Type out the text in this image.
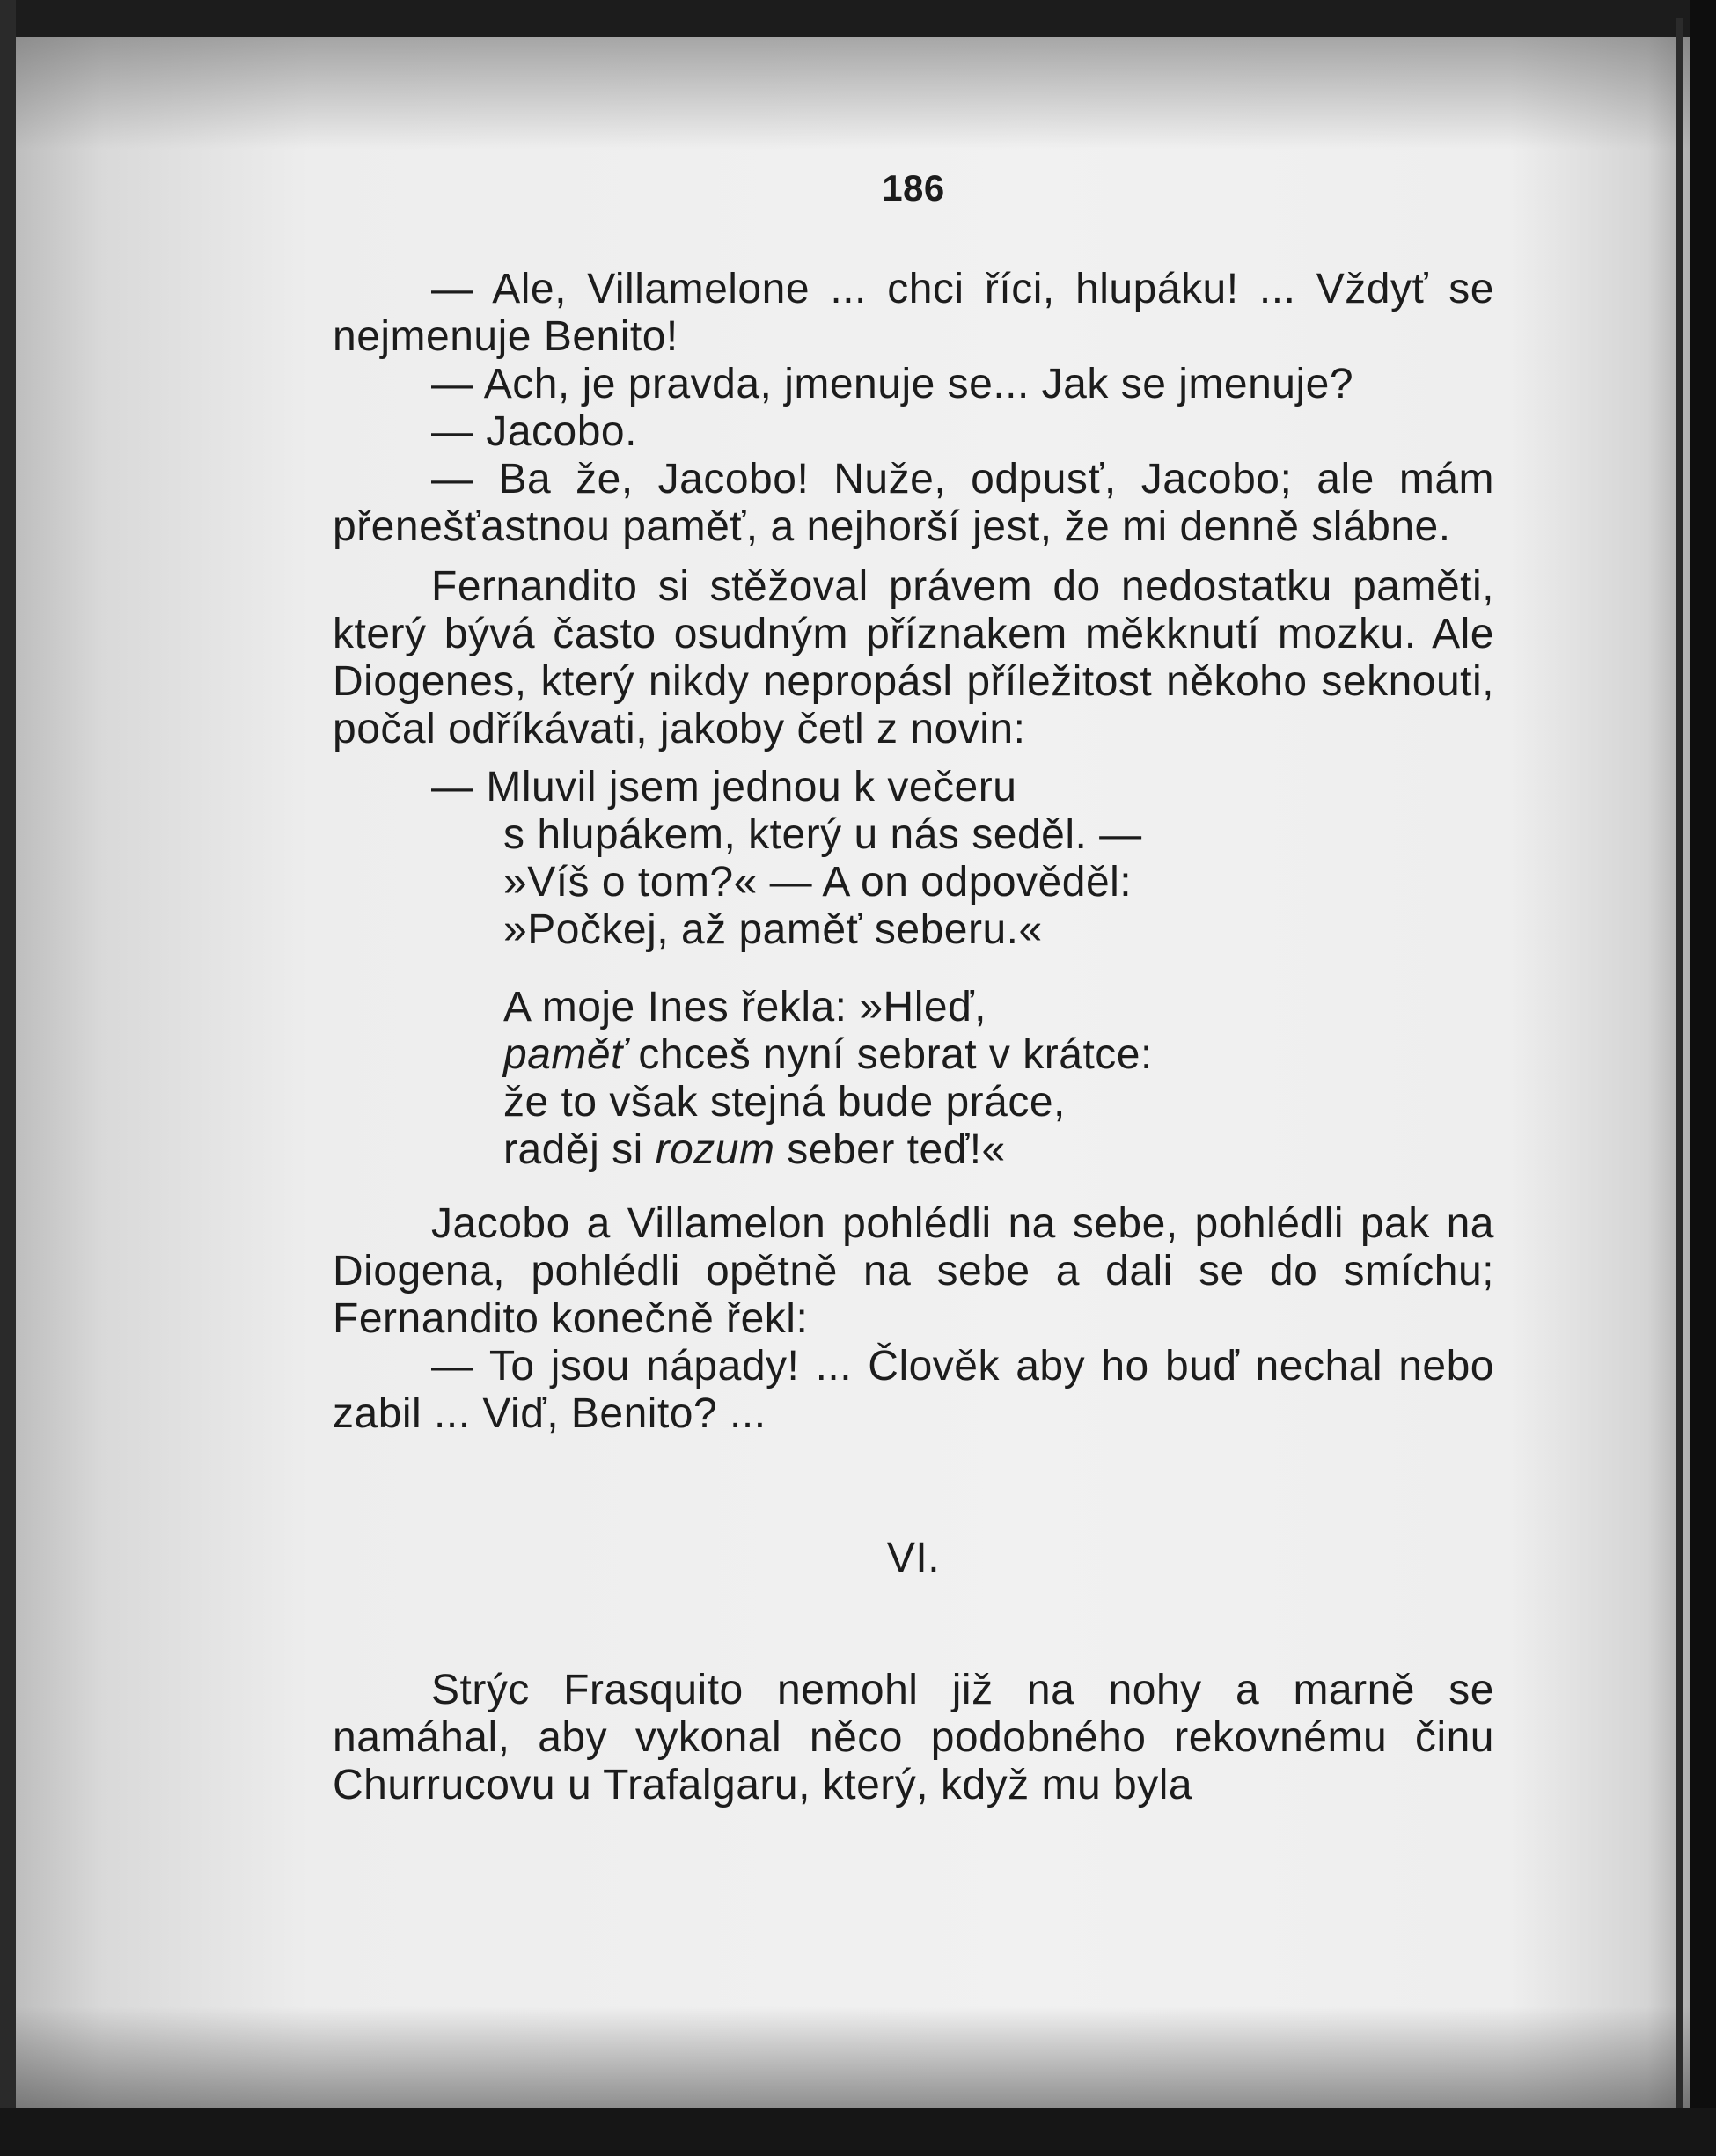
186

— Ale, Villamelone ... chci říci, hlupáku! ... Vždyť se nejmenuje Benito!

— Ach, je pravda, jmenuje se... Jak se jmenuje?

— Jacobo.

— Ba že, Jacobo! Nuže, odpusť, Jacobo; ale mám přenešťastnou paměť, a nejhorší jest, že mi denně slábne.

Fernandito si stěžoval právem do nedostatku paměti, který bývá často osudným příznakem měkknutí mozku. Ale Diogenes, který nikdy nepropásl příležitost někoho seknouti, počal odříkávati, jakoby četl z novin:

— Mluvil jsem jednou k večeru
s hlupákem, který u nás seděl. —
»Víš o tom?« — A on odpověděl:
»Počkej, až paměť seberu.«
A moje Ines řekla: »Hleď,
paměť chceš nyní sebrat v krátce:
že to však stejná bude práce,
raděj si rozum seber teď!«

Jacobo a Villamelon pohlédli na sebe, pohlédli pak na Diogena, pohlédli opětně na sebe a dali se do smíchu; Fernandito konečně řekl:

— To jsou nápady! ... Člověk aby ho buď nechal nebo zabil ... Viď, Benito? ...

VI.

Strýc Frasquito nemohl již na nohy a marně se namáhal, aby vykonal něco podobného rekovnému činu Churrucovu u Trafalgaru, který, když mu byla
